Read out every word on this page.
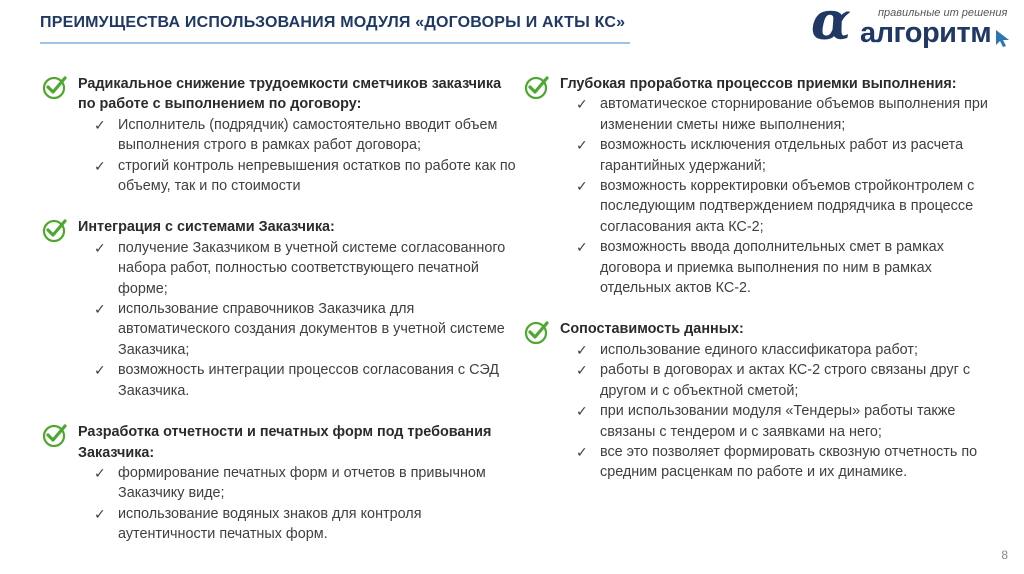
ПРЕИМУЩЕСТВА ИСПОЛЬЗОВАНИЯ МОДУЛЯ «ДОГОВОРЫ И АКТЫ КС»
правильные ит решения
α алгоритм
Радикальное снижение трудоемкости сметчиков заказчика по работе с выполнением по договору:
✓ Исполнитель (подрядчик) самостоятельно вводит объем выполнения строго в рамках работ договора;
✓ строгий контроль непревышения остатков по работе как по объему, так и по стоимости
Интеграция с системами Заказчика:
✓ получение Заказчиком в учетной системе согласованного набора работ, полностью соответствующего печатной форме;
✓ использование справочников Заказчика для автоматического создания документов в учетной системе Заказчика;
✓ возможность интеграции процессов согласования с СЭД Заказчика.
Разработка отчетности и печатных форм под требования Заказчика:
✓ формирование печатных форм и отчетов в привычном Заказчику виде;
✓ использование водяных знаков для контроля аутентичности печатных форм.
Глубокая проработка процессов приемки выполнения:
✓ автоматическое сторнирование объемов выполнения при изменении сметы ниже выполнения;
✓ возможность исключения отдельных работ из расчета гарантийных удержаний;
✓ возможность корректировки объемов стройконтролем с последующим подтверждением подрядчика в процессе согласования акта КС-2;
✓ возможность ввода дополнительных смет в рамках договора и приемка выполнения по ним в рамках отдельных актов КС-2.
Сопоставимость данных:
✓ использование единого классификатора работ;
✓ работы в договорах и актах КС-2 строго связаны друг с другом и с объектной сметой;
✓ при использовании модуля «Тендеры» работы также связаны с тендером и с заявками на него;
✓ все это позволяет формировать сквозную отчетность по средним расценкам по работе и их динамике.
8
